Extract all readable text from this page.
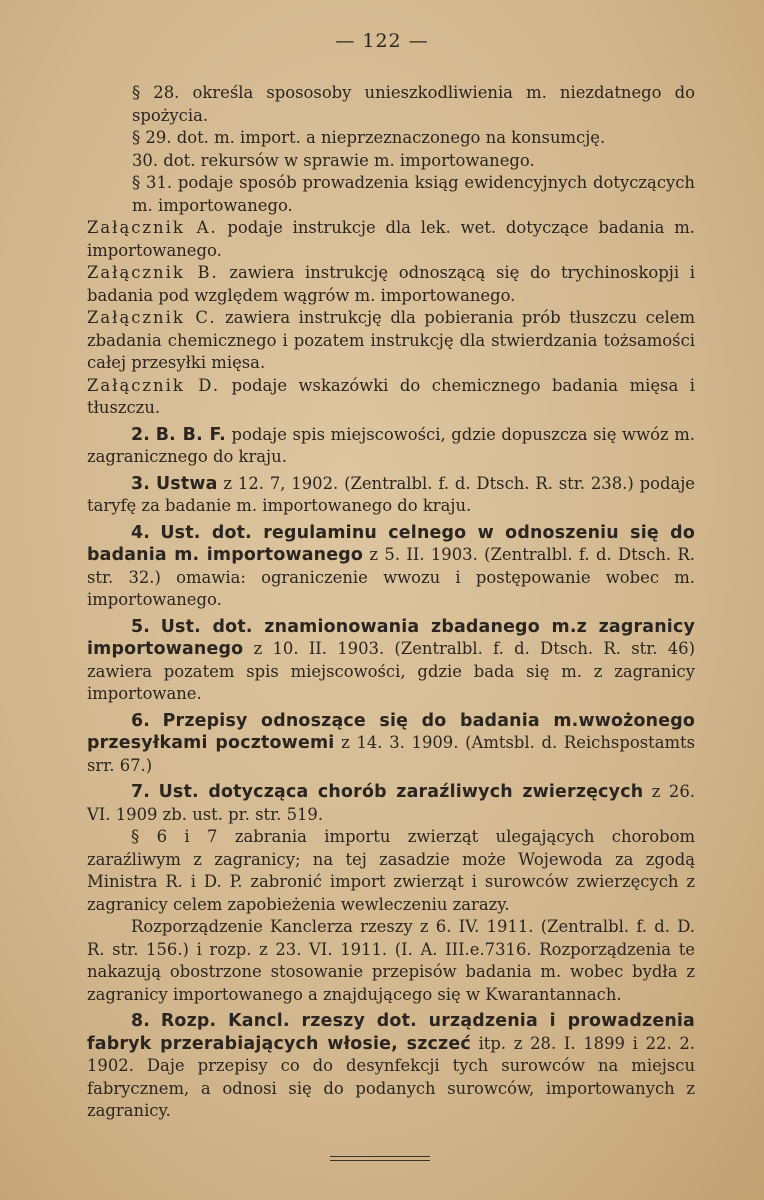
— 122 —

§ 28. określa spososoby unieszkodliwienia m. niezdatnego do spożycia.

§ 29. dot. m. import. a nieprzeznaczonego na konsumcję.

30. dot. rekursów w sprawie m. importowanego.

§ 31. podaje sposób prowadzenia ksiąg ewidencyjnych dotyczących m. importowanego.

Załącznik A. podaje instrukcje dla lek. wet. dotyczące badania m. importowanego.

Załącznik B. zawiera instrukcję odnoszącą się do trychinoskopji i badania pod względem wągrów m. importowanego.

Załącznik C. zawiera instrukcję dla pobierania prób tłuszczu celem zbadania chemicznego i pozatem instrukcję dla stwierdzania tożsamości całej przesyłki mięsa.

Załącznik D. podaje wskazówki do chemicznego badania mięsa i tłuszczu.

2. B. B. F. podaje spis miejscowości, gdzie dopuszcza się wwóz m. zagranicznego do kraju.

3. Ustwa z 12. 7, 1902. (Zentralbl. f. d. Dtsch. R. str. 238.) podaje taryfę za badanie m. importowanego do kraju.

4. Ust. dot. regulaminu celnego w odnoszeniu się do badania m. importowanego z 5. II. 1903. (Zentralbl. f. d. Dtsch. R. str. 32.) omawia: ograniczenie wwozu i postępowanie wobec m. importowanego.

5. Ust. dot. znamionowania zbadanego m.z zagranicy importowanego z 10. II. 1903. (Zentralbl. f. d. Dtsch. R. str. 46) zawiera pozatem spis miejscowości, gdzie bada się m. z zagranicy importowane.

6. Przepisy odnoszące się do badania m.wwożonego przesyłkami pocztowemi z 14. 3. 1909. (Amtsbl. d. Reichspostamts srr. 67.)

7. Ust. dotycząca chorób zaraźliwych zwierzęcych z 26. VI. 1909 zb. ust. pr. str. 519.

§ 6 i 7 zabrania importu zwierząt ulegających chorobom zaraźliwym z zagranicy; na tej zasadzie może Wojewoda za zgodą Ministra R. i D. P. zabronić import zwierząt i surowców zwierzęcych z zagranicy celem zapobieżenia wewleczeniu zarazy.

Rozporządzenie Kanclerza rzeszy z 6. IV. 1911. (Zentralbl. f. d. D. R. str. 156.) i rozp. z 23. VI. 1911. (I. A. III.e.7316. Rozporządzenia te nakazują obostrzone stosowanie przepisów badania m. wobec bydła z zagranicy importowanego a znajdującego się w Kwarantannach.

8. Rozp. Kancl. rzeszy dot. urządzenia i prowadzenia fabryk przerabiających włosie, szczeć itp. z 28. I. 1899 i 22. 2. 1902. Daje przepisy co do desynfekcji tych surowców na miejscu fabrycznem, a odnosi się do podanych surowców, importowanych z zagranicy.
